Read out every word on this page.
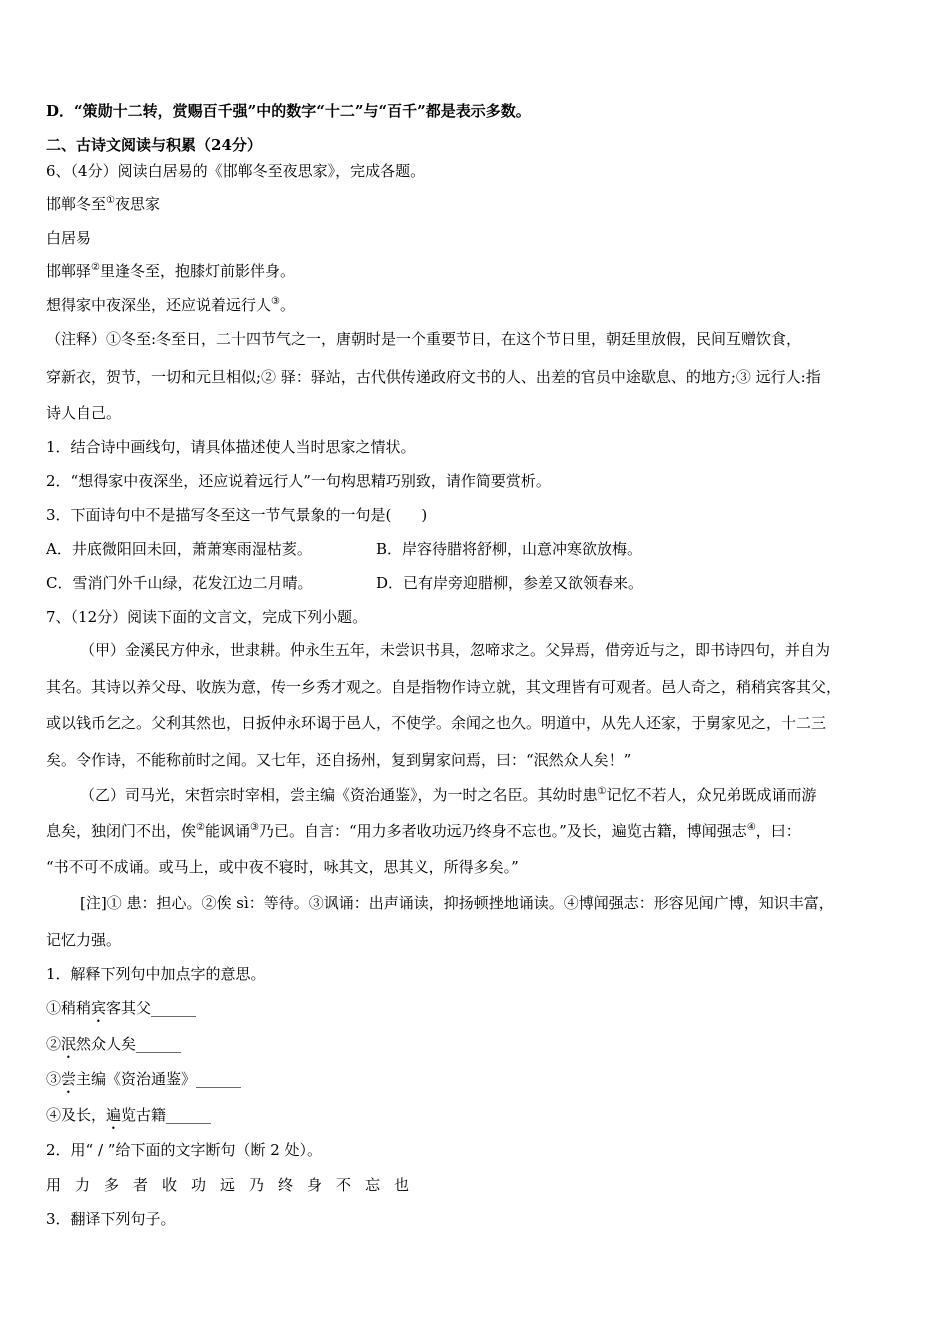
D．“策勋十二转，赏赐百千强”中的数字“十二”与“百千”都是表示多数。
二、古诗文阅读与积累（24分）
6、（4分）阅读白居易的《邯郸冬至夜思家》，完成各题。
邯郸冬至①夜思家
白居易
邯郸驿②里逢冬至，抱膝灯前影伴身。
想得家中夜深坐，还应说着远行人③。
（注释）①冬至:冬至日，二十四节气之一，唐朝时是一个重要节日，在这个节日里，朝廷里放假，民间互赠饮食，
穿新衣，贺节，一切和元旦相似;② 驿：驿站，古代供传递政府文书的人、出差的官员中途歇息、的地方;③ 远行人:指
诗人自己。
1．结合诗中画线句，请具体描述使人当时思家之情状。
2．“想得家中夜深坐，还应说着远行人”一句构思精巧别致，请作简要赏析。
3．下面诗句中不是描写冬至这一节气景象的一句是(　　)
A．井底微阳回未回，萧萧寒雨湿枯荄。	B．岸容待腊将舒柳，山意冲寒欲放梅。
C．雪消门外千山绿，花发江边二月晴。	D．已有岸旁迎腊柳，参差又欲领春来。
7、（12分）阅读下面的文言文，完成下列小题。
（甲）金溪民方仲永，世隶耕。仲永生五年，未尝识书具，忽啼求之。父异焉，借旁近与之，即书诗四句，并自为
其名。其诗以养父母、收族为意，传一乡秀才观之。自是指物作诗立就，其文理皆有可观者。邑人奇之，稍稍宾客其父，
或以钱币乞之。父利其然也，日扳仲永环谒于邑人，不使学。余闻之也久。明道中，从先人还家，于舅家见之，十二三
矣。令作诗，不能称前时之闻。又七年，还自扬州，复到舅家问焉，曰：“泯然众人矣！”
（乙）司马光，宋哲宗时宰相，尝主编《资治通鉴》，为一时之名臣。其幼时患①记忆不若人，众兄弟既成诵而游
息矣，独闭门不出，俟②能讽诵③乃已。自言：“用力多者收功远乃终身不忘也。”及长，遍览古籍，博闻强志④，曰：
“书不可不成诵。或马上，或中夜不寝时，咏其文，思其义，所得多矣。”
[注]① 患：担心。②俟 sì：等待。③讽诵：出声诵读，抑扬顿挫地诵读。④博闻强志：形容见闻广博，知识丰富，
记忆力强。
1．解释下列句中加点字的意思。
①稍稍宾客其父______
②泯然众人矣______
③尝主编《资治通鉴》______
④及长，遍览古籍______
2．用“ / ”给下面的文字断句（断 2 处）。
用力多者收功远乃终身不忘也
3．翻译下列句子。
